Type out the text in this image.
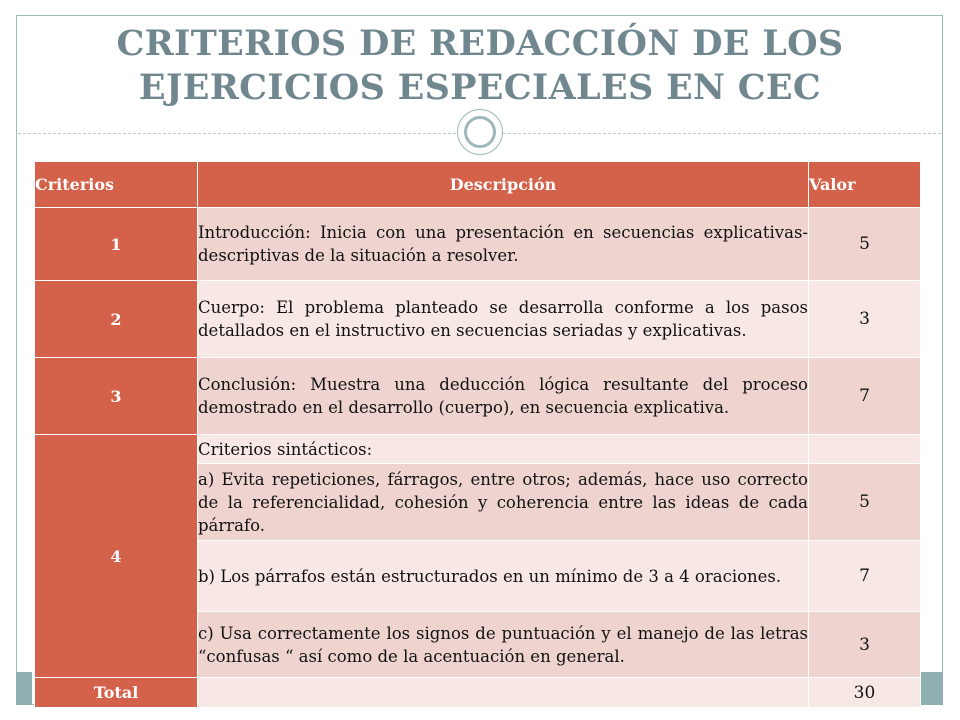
CRITERIOS DE REDACCIÓN DE LOS
EJERCICIOS ESPECIALES EN CEC
Criterios	Descripción	Valor
1	Introducción: Inicia con una presentación en secuencias explicativas-descriptivas de la situación a resolver.	5
2	Cuerpo: El problema planteado se desarrolla conforme a los pasos detallados en el instructivo en secuencias seriadas y explicativas.	3
3	Conclusión: Muestra una deducción lógica resultante del proceso demostrado en el desarrollo (cuerpo), en secuencia explicativa.	7
4	Criterios sintácticos:	
	a) Evita repeticiones, fárragos, entre otros; además, hace uso correcto de la referencialidad, cohesión y coherencia entre las ideas de cada párrafo.	5
	b) Los párrafos están estructurados en un mínimo de 3 a 4 oraciones.	7
	c) Usa correctamente los signos de puntuación y el manejo de las letras “confusas “ así como de la acentuación en general.	3
Total		30
